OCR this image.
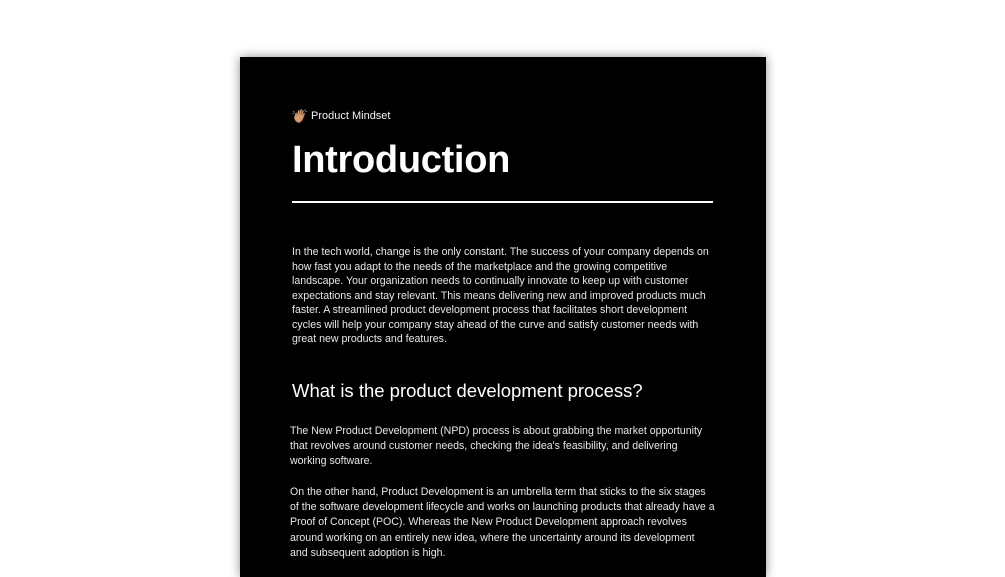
Product Mindset
Introduction

In the tech world, change is the only constant. The success of your company depends on how fast you adapt to the needs of the marketplace and the growing competitive landscape. Your organization needs to continually innovate to keep up with customer expectations and stay relevant. This means delivering new and improved products much faster. A streamlined product development process that facilitates short development cycles will help your company stay ahead of the curve and satisfy customer needs with great new products and features.

What is the product development process?

The New Product Development (NPD) process is about grabbing the market opportunity that revolves around customer needs, checking the idea's feasibility, and delivering working software.

On the other hand, Product Development is an umbrella term that sticks to the six stages of the software development lifecycle and works on launching products that already have a Proof of Concept (POC). Whereas the New Product Development approach revolves around working on an entirely new idea, where the uncertainty around its development and subsequent adoption is high.
